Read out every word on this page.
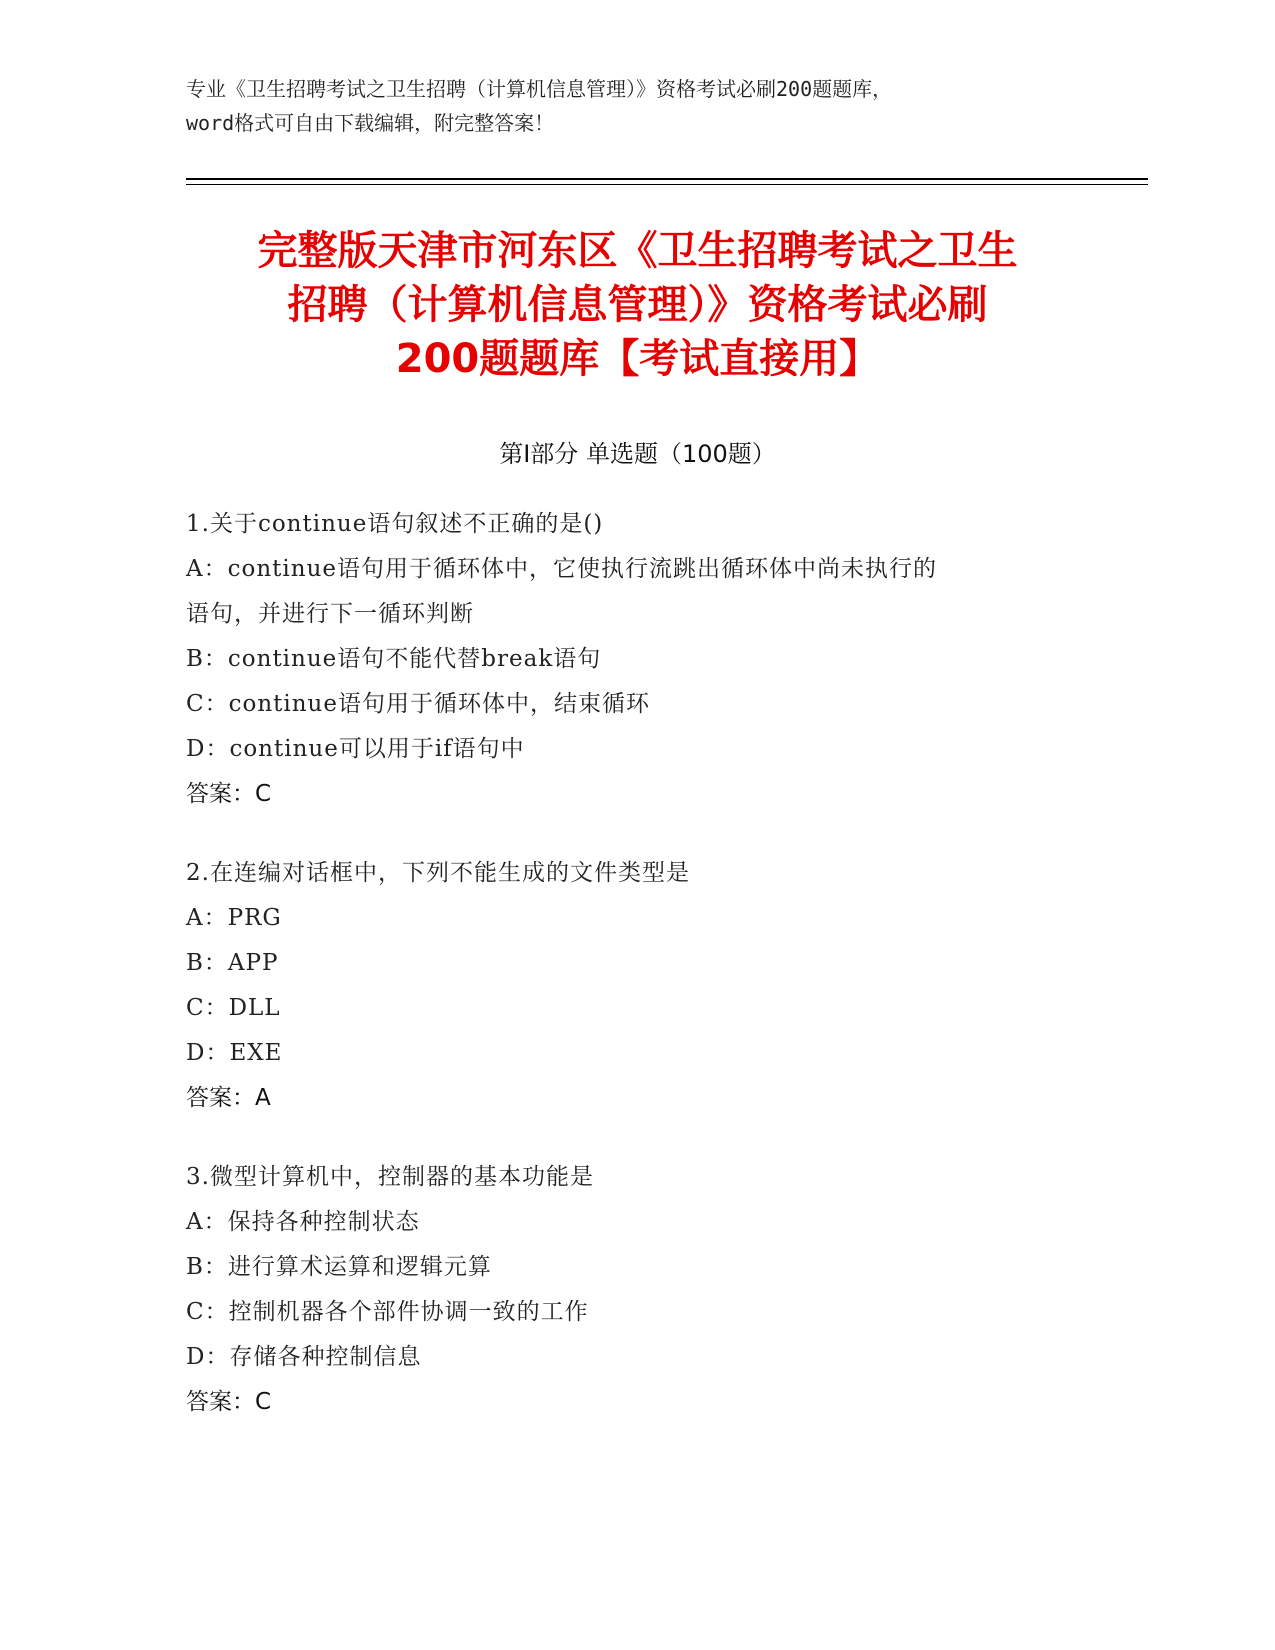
专业《卫生招聘考试之卫生招聘（计算机信息管理）》资格考试必刷200题题库，
word格式可自由下载编辑，附完整答案！
完整版天津市河东区《卫生招聘考试之卫生
招聘（计算机信息管理）》资格考试必刷
200题题库【考试直接用】
第Ⅰ部分 单选题（100题）
1.关于continue语句叙述不正确的是()
A：continue语句用于循环体中，它使执行流跳出循环体中尚未执行的
语句，并进行下一循环判断
B：continue语句不能代替break语句
C：continue语句用于循环体中，结束循环
D：continue可以用于if语句中
答案：C
2.在连编对话框中，下列不能生成的文件类型是
A：PRG
B：APP
C：DLL
D：EXE
答案：A
3.微型计算机中，控制器的基本功能是
A：保持各种控制状态
B：进行算术运算和逻辑元算
C：控制机器各个部件协调一致的工作
D：存储各种控制信息
答案：C
